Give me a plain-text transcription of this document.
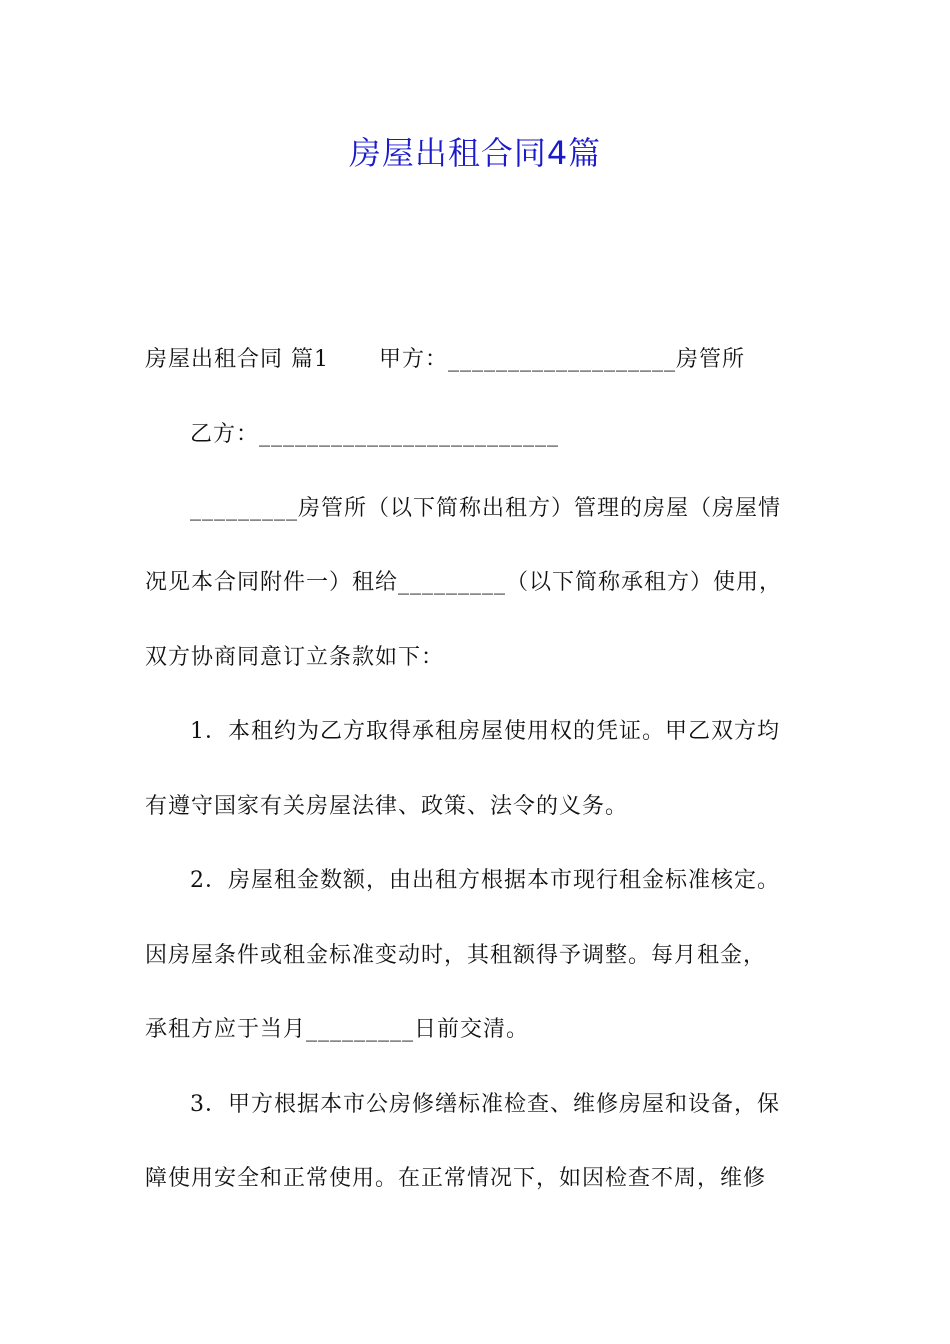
房屋出租合同4篇
房屋出租合同 篇1 甲方：___________________房管所
乙方：_________________________
_________房管所（以下简称出租方）管理的房屋（房屋情
况见本合同附件一）租给_________（以下简称承租方）使用，
双方协商同意订立条款如下：
1．本租约为乙方取得承租房屋使用权的凭证。甲乙双方均
有遵守国家有关房屋法律、政策、法令的义务。
2．房屋租金数额，由出租方根据本市现行租金标准核定。
因房屋条件或租金标准变动时，其租额得予调整。每月租金，
承租方应于当月_________日前交清。
3．甲方根据本市公房修缮标准检查、维修房屋和设备，保
障使用安全和正常使用。在正常情况下，如因检查不周，维修
